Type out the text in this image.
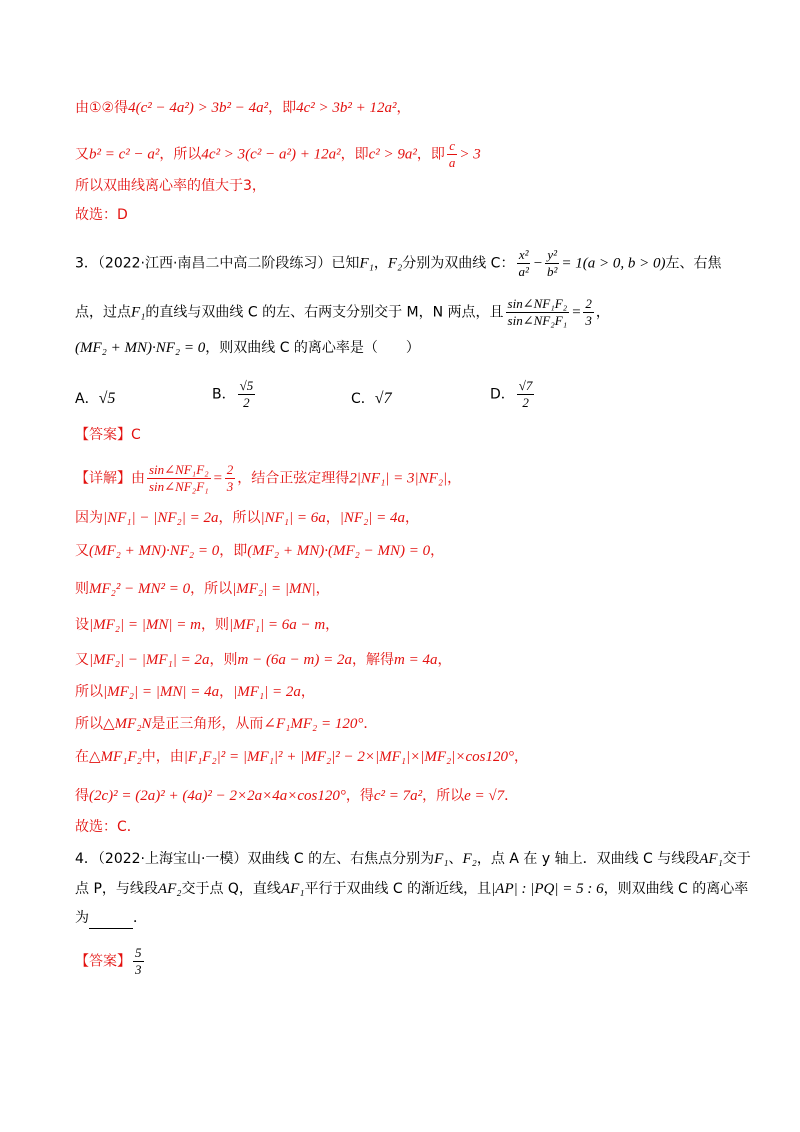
由①②得4(c² − 4a²) > 3b² − 4a²，即4c² > 3b² + 12a²，
又b² = c² − a²，所以4c² > 3(c² − a²) + 12a²，即c² > 9a²，即 $\frac{c}{a} > 3$
所以双曲线离心率的值大于3，
故选：D
3．（2022·江西·南昌二中高二阶段练习）已知F₁，F₂分别为双曲线 C： $\frac{\text{x²}}{\text{a²}} - \frac{\text{y²}}{\text{b²}} = 1(a > 0$, b > 0)左、右焦
点，过点F₁的直线与双曲线 C 的左、右两支分别交于 M，N 两点，且 $\frac{\text{sin∠NF₁F₂}}{\text{sin∠NF₂F₁}} = \frac{2}{3}$ ，
(MF₂ + MN)·NF₂ = 0，则双曲线 C 的离心率是（　　）
A．√5	B． $\frac{√5}{2}$	C．√7	D． $\frac{√7}{2}$
【答案】C
【详解】由 $\frac{\text{sin∠NF₁F₂}}{\text{sin∠NF₂F₁}} = \frac{2}{3}$ ，结合正弦定理得2|NF₁| = 3|NF₂|，
因为|NF₁| − |NF₂| = 2a，所以|NF₁| = 6a，|NF₂| = 4a，
又(MF₂ + MN)·NF₂ = 0，即(MF₂ + MN)·(MF₂ − MN) = 0，
则MF₂² − MN² = 0，所以|MF₂| = |MN|，
设|MF₂| = |MN| = m，则|MF₁| = 6a − m，
又|MF₂| − |MF₁| = 2a，则m − (6a − m) = 2a，解得m = 4a，
所以|MF₂| = |MN| = 4a，|MF₁| = 2a，
所以△MF₂N是正三角形，从而∠F₁MF₂ = 120°．
在△MF₁F₂中，由|F₁F₂|² = |MF₁|² + |MF₂|² − 2×|MF₁|×|MF₂|×cos120°，
得(2c)² = (2a)² + (4a)² − 2×2a×4a×cos120°，得c² = 7a²，所以e = √7．
故选：C．
4．（2022·上海宝山·一模）双曲线 C 的左、右焦点分别为F₁、F₂，点 A 在 y 轴上．双曲线 C 与线段AF₁交于
点 P，与线段AF₂交于点 Q，直线AF₁平行于双曲线 C 的渐近线，且|AP| : |PQ| = 5 : 6，则双曲线 C 的离心率
为	．
【答案】 $\frac{5}{3}$
